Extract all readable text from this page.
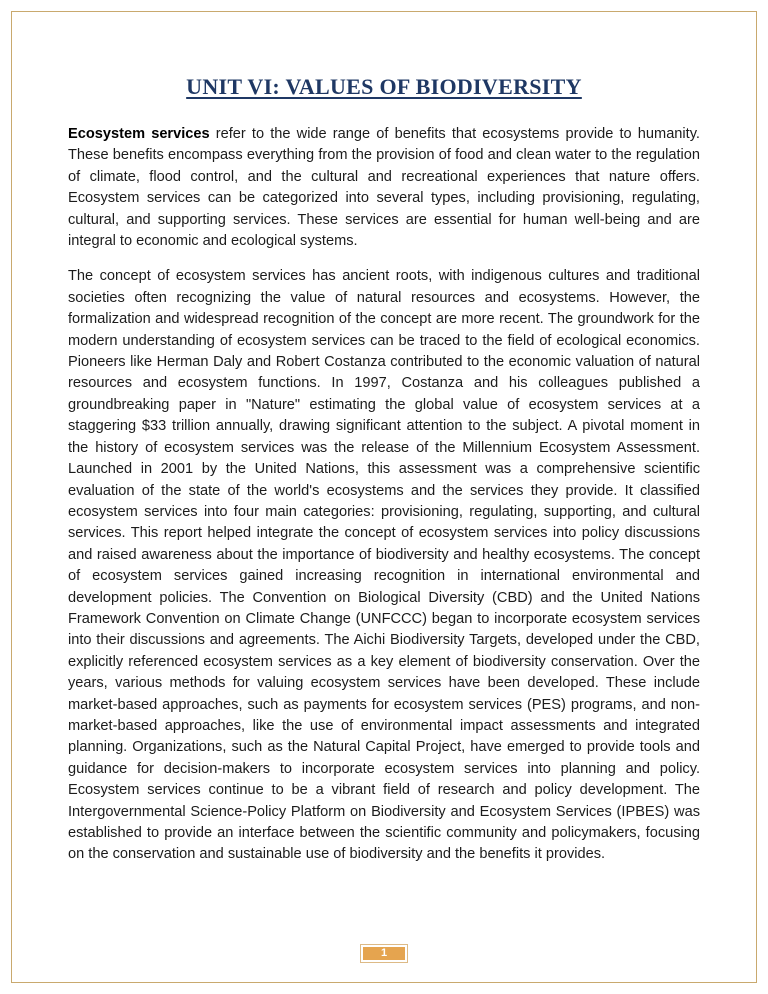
UNIT VI: VALUES OF BIODIVERSITY

Ecosystem services refer to the wide range of benefits that ecosystems provide to humanity. These benefits encompass everything from the provision of food and clean water to the regulation of climate, flood control, and the cultural and recreational experiences that nature offers. Ecosystem services can be categorized into several types, including provisioning, regulating, cultural, and supporting services. These services are essential for human well-being and are integral to economic and ecological systems.

The concept of ecosystem services has ancient roots, with indigenous cultures and traditional societies often recognizing the value of natural resources and ecosystems. However, the formalization and widespread recognition of the concept are more recent. The groundwork for the modern understanding of ecosystem services can be traced to the field of ecological economics. Pioneers like Herman Daly and Robert Costanza contributed to the economic valuation of natural resources and ecosystem functions. In 1997, Costanza and his colleagues published a groundbreaking paper in "Nature" estimating the global value of ecosystem services at a staggering $33 trillion annually, drawing significant attention to the subject. A pivotal moment in the history of ecosystem services was the release of the Millennium Ecosystem Assessment. Launched in 2001 by the United Nations, this assessment was a comprehensive scientific evaluation of the state of the world's ecosystems and the services they provide. It classified ecosystem services into four main categories: provisioning, regulating, supporting, and cultural services. This report helped integrate the concept of ecosystem services into policy discussions and raised awareness about the importance of biodiversity and healthy ecosystems. The concept of ecosystem services gained increasing recognition in international environmental and development policies. The Convention on Biological Diversity (CBD) and the United Nations Framework Convention on Climate Change (UNFCCC) began to incorporate ecosystem services into their discussions and agreements. The Aichi Biodiversity Targets, developed under the CBD, explicitly referenced ecosystem services as a key element of biodiversity conservation. Over the years, various methods for valuing ecosystem services have been developed. These include market-based approaches, such as payments for ecosystem services (PES) programs, and non-market-based approaches, like the use of environmental impact assessments and integrated planning. Organizations, such as the Natural Capital Project, have emerged to provide tools and guidance for decision-makers to incorporate ecosystem services into planning and policy. Ecosystem services continue to be a vibrant field of research and policy development. The Intergovernmental Science-Policy Platform on Biodiversity and Ecosystem Services (IPBES) was established to provide an interface between the scientific community and policymakers, focusing on the conservation and sustainable use of biodiversity and the benefits it provides.

1
